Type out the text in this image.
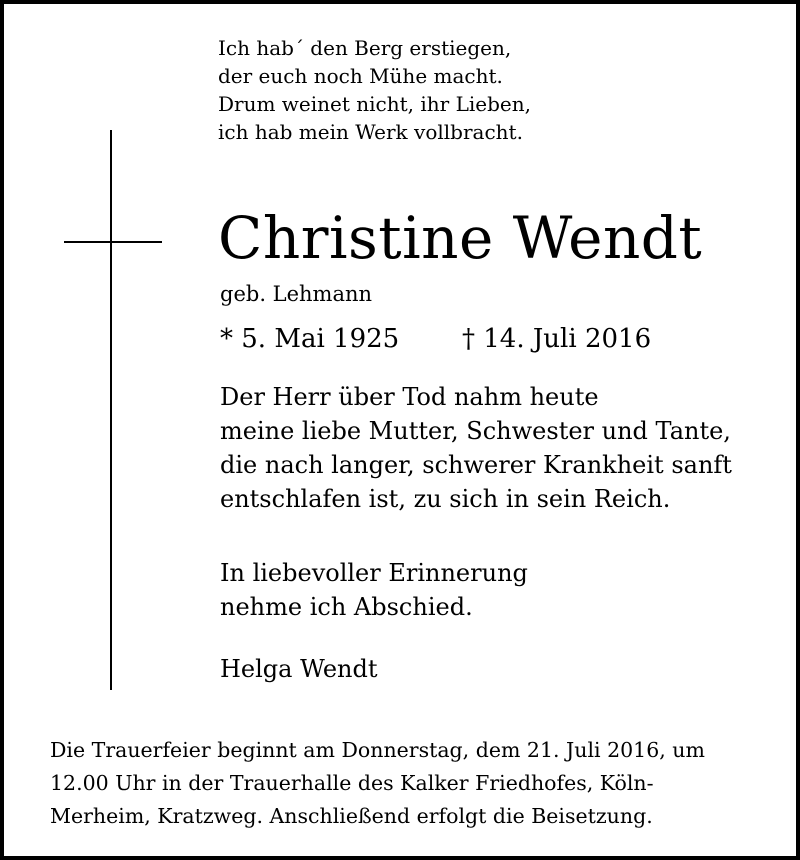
Ich hab´ den Berg erstiegen,
der euch noch Mühe macht.
Drum weinet nicht, ihr Lieben,
ich hab mein Werk vollbracht.
Christine Wendt
geb. Lehmann
* 5. Mai 1925 † 14. Juli 2016
Der Herr über Tod nahm heute
meine liebe Mutter, Schwester und Tante,
die nach langer, schwerer Krankheit sanft
entschlafen ist, zu sich in sein Reich.
In liebevoller Erinnerung
nehme ich Abschied.
Helga Wendt
Die Trauerfeier beginnt am Donnerstag, dem 21. Juli 2016, um
12.00 Uhr in der Trauerhalle des Kalker Friedhofes, Köln-
Merheim, Kratzweg. Anschließend erfolgt die Beisetzung.
